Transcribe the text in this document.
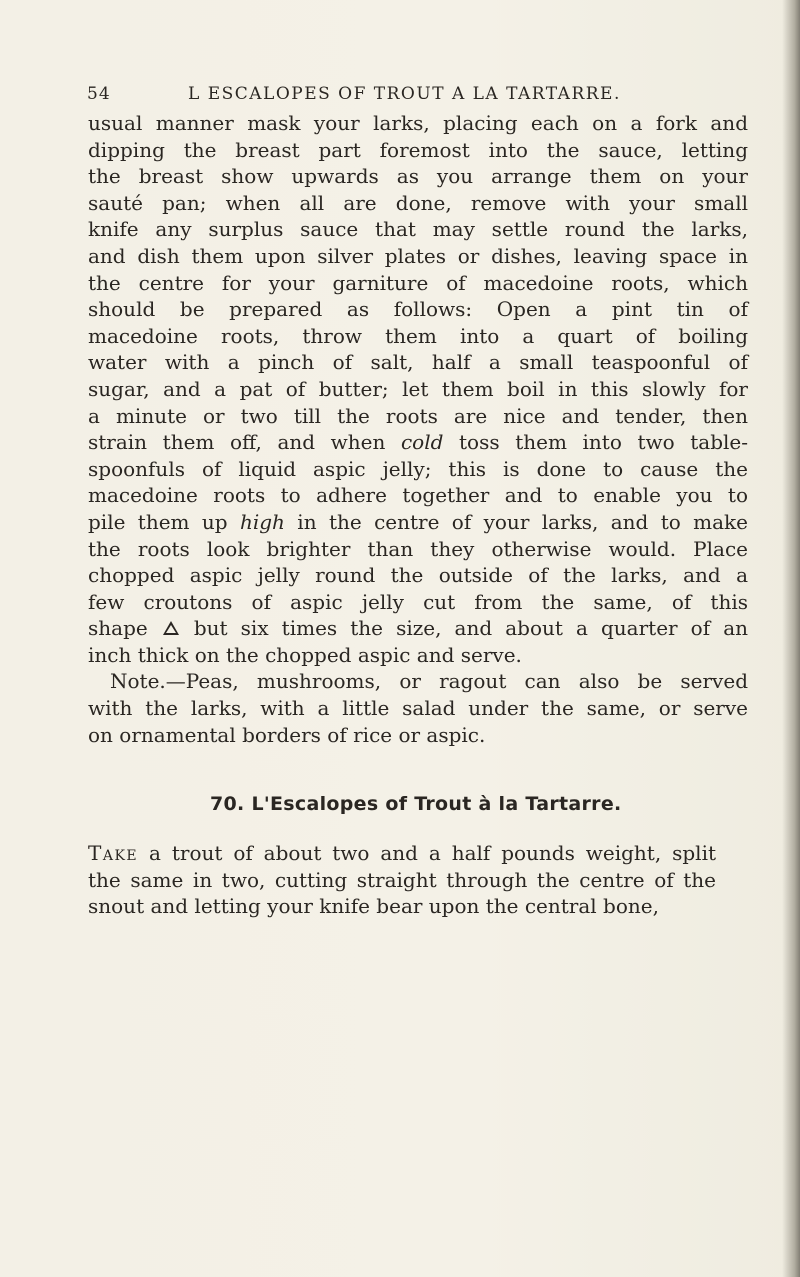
54	L ESCALOPES OF TROUT A LA TARTARRE.
usual manner mask your larks, placing each on a fork and
dipping the breast part foremost into the sauce, letting
the breast show upwards as you arrange them on your
sauté pan; when all are done, remove with your small
knife any surplus sauce that may settle round the larks,
and dish them upon silver plates or dishes, leaving space in
the centre for your garniture of macedoine roots, which
should be prepared as follows: Open a pint tin of
macedoine roots, throw them into a quart of boiling
water with a pinch of salt, half a small teaspoonful of
sugar, and a pat of butter; let them boil in this slowly for
a minute or two till the roots are nice and tender, then
strain them off, and when cold toss them into two table-
spoonfuls of liquid aspic jelly; this is done to cause the
macedoine roots to adhere together and to enable you to
pile them up high in the centre of your larks, and to make
the roots look brighter than they otherwise would. Place
chopped aspic jelly round the outside of the larks, and a
few croutons of aspic jelly cut from the same, of this
shape but six times the size, and about a quarter of an
inch thick on the chopped aspic and serve.
Note.—Peas, mushrooms, or ragout can also be served
with the larks, with a little salad under the same, or serve
on ornamental borders of rice or aspic.
70. L'Escalopes of Trout à la Tartarre.
Take a trout of about two and a half pounds weight, split
the same in two, cutting straight through the centre of the
snout and letting your knife bear upon the central bone,
